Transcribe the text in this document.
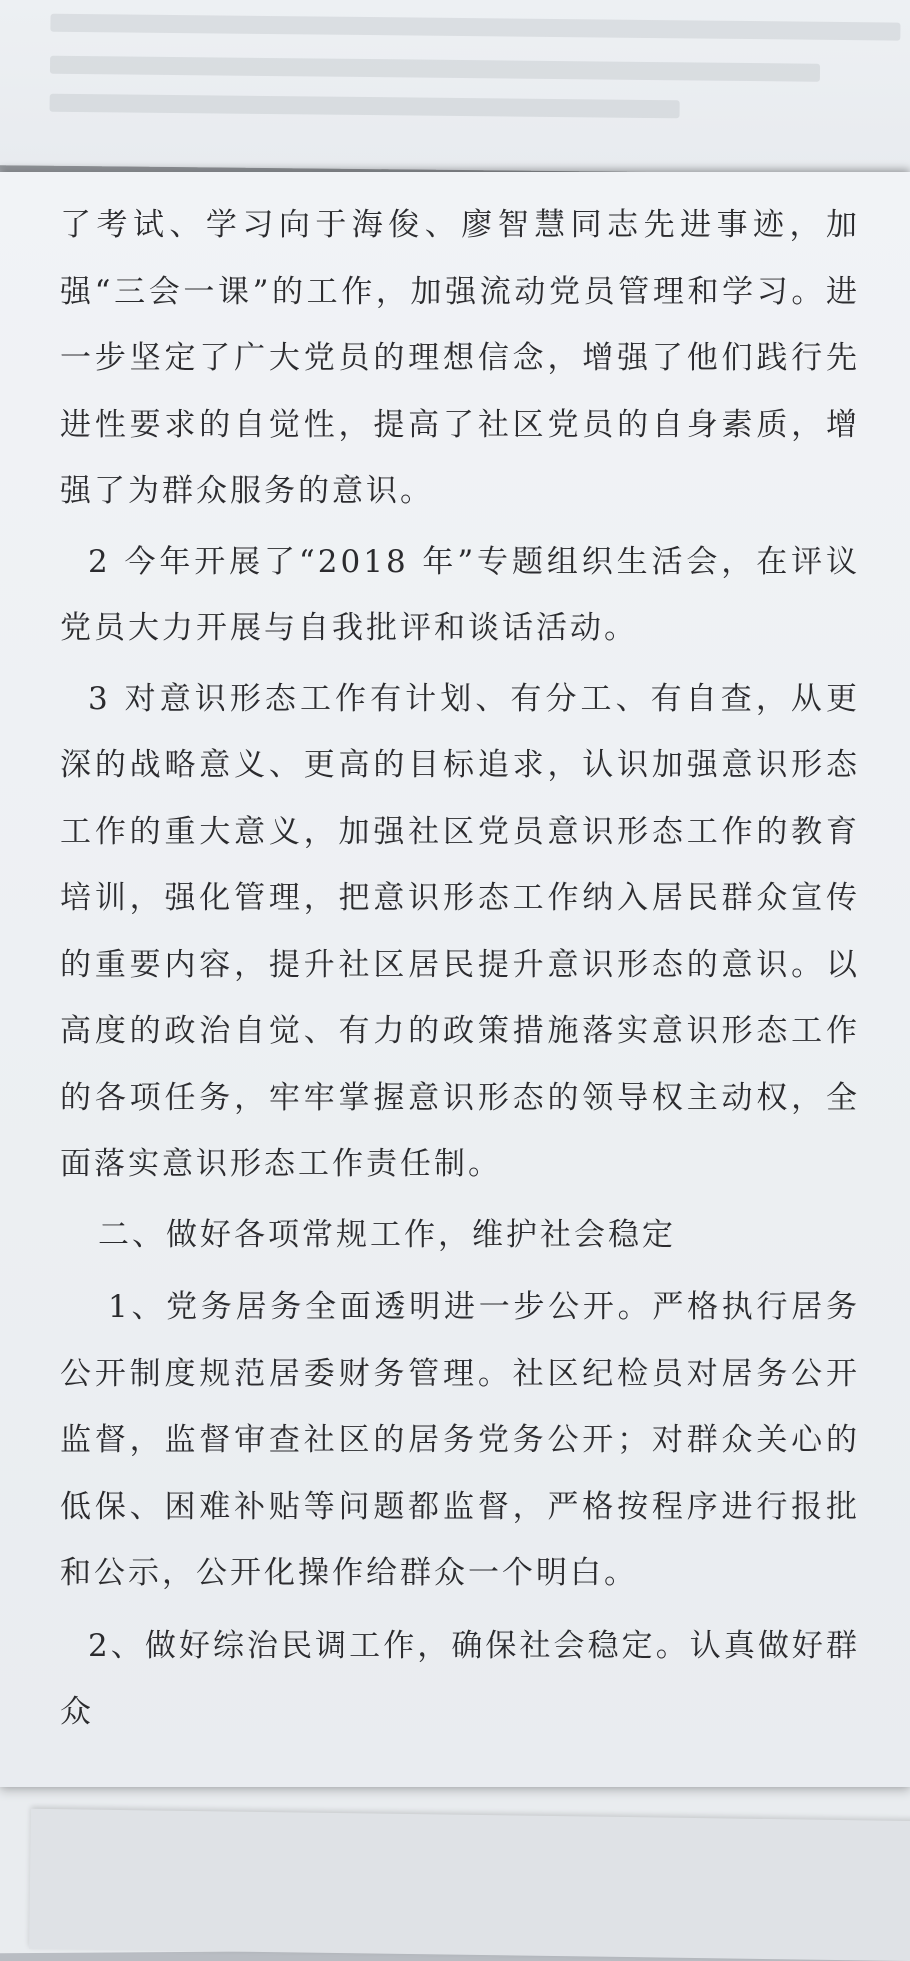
了考试、学习向于海俊、廖智慧同志先进事迹，加强“三会一课”的工作，加强流动党员管理和学习。进一步坚定了广大党员的理想信念，增强了他们践行先进性要求的自觉性，提高了社区党员的自身素质，增强了为群众服务的意识。

2 今年开展了“2018 年”专题组织生活会，在评议党员大力开展与自我批评和谈话活动。

3 对意识形态工作有计划、有分工、有自查，从更深的战略意义、更高的目标追求，认识加强意识形态工作的重大意义，加强社区党员意识形态工作的教育培训，强化管理，把意识形态工作纳入居民群众宣传的重要内容，提升社区居民提升意识形态的意识。以高度的政治自觉、有力的政策措施落实意识形态工作的各项任务，牢牢掌握意识形态的领导权主动权，全面落实意识形态工作责任制。

二、做好各项常规工作，维护社会稳定

1、党务居务全面透明进一步公开。严格执行居务公开制度规范居委财务管理。社区纪检员对居务公开监督，监督审查社区的居务党务公开；对群众关心的低保、困难补贴等问题都监督，严格按程序进行报批和公示，公开化操作给群众一个明白。

2、做好综治民调工作，确保社会稳定。认真做好群众
